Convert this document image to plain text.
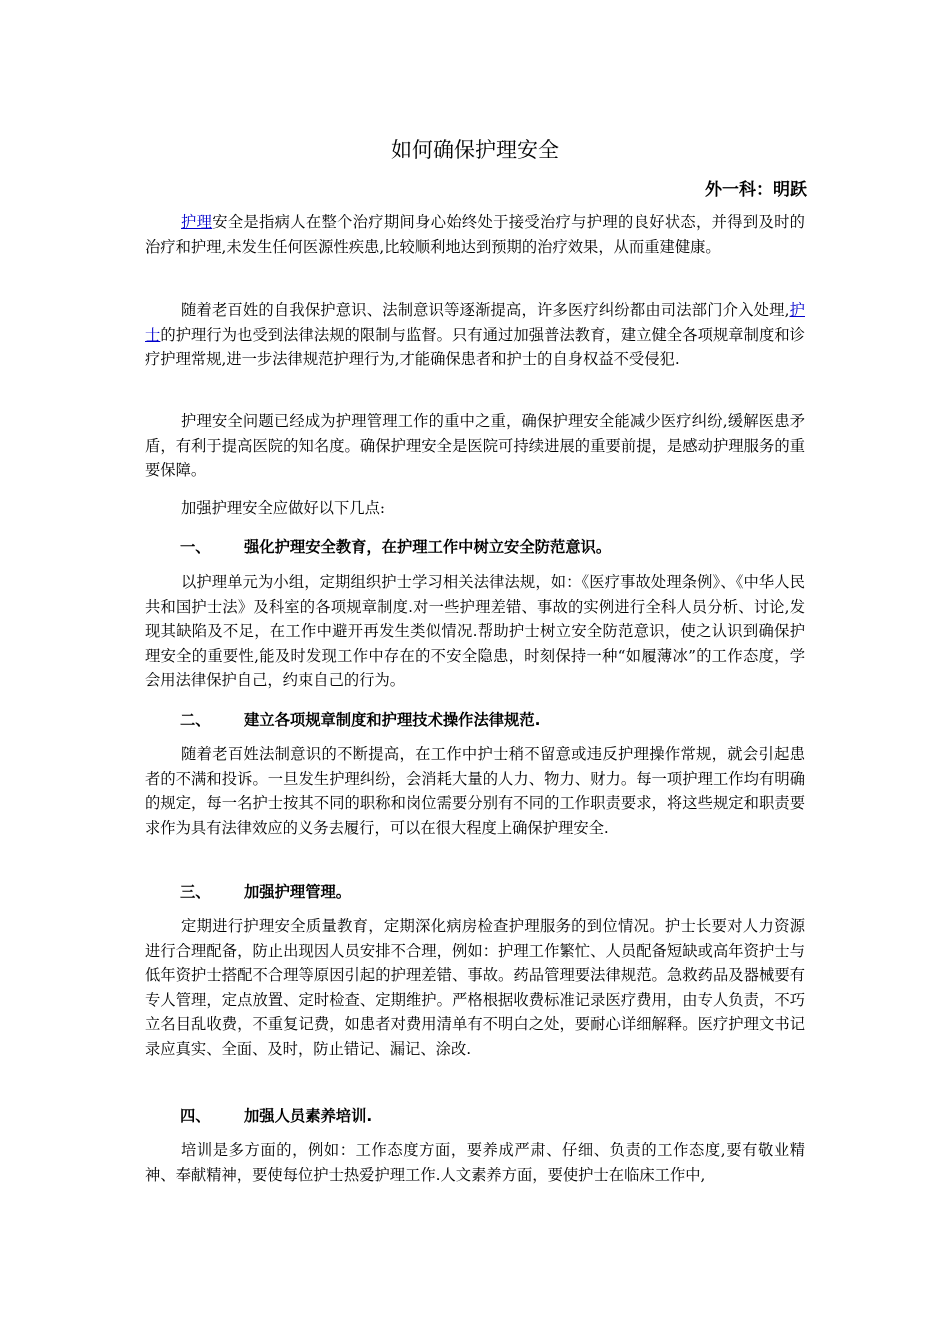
如何确保护理安全
外一科：明跃

护理安全是指病人在整个治疗期间身心始终处于接受治疗与护理的良好状态，并得到及时的治疗和护理,未发生任何医源性疾患,比较顺利地达到预期的治疗效果，从而重建健康。

随着老百姓的自我保护意识、法制意识等逐渐提高，许多医疗纠纷都由司法部门介入处理,护士的护理行为也受到法律法规的限制与监督。只有通过加强普法教育，建立健全各项规章制度和诊疗护理常规,进一步法律规范护理行为,才能确保患者和护士的自身权益不受侵犯.

护理安全问题已经成为护理管理工作的重中之重，确保护理安全能减少医疗纠纷,缓解医患矛盾，有利于提高医院的知名度。确保护理安全是医院可持续进展的重要前提，是感动护理服务的重要保障。

加强护理安全应做好以下几点:

一、 强化护理安全教育，在护理工作中树立安全防范意识。

以护理单元为小组，定期组织护士学习相关法律法规，如：《医疗事故处理条例》、《中华人民共和国护士法》及科室的各项规章制度.对一些护理差错、事故的实例进行全科人员分析、讨论,发现其缺陷及不足，在工作中避开再发生类似情况.帮助护士树立安全防范意识，使之认识到确保护理安全的重要性,能及时发现工作中存在的不安全隐患，时刻保持一种“如履薄冰”的工作态度，学会用法律保护自己，约束自己的行为。

二、 建立各项规章制度和护理技术操作法律规范.

随着老百姓法制意识的不断提高，在工作中护士稍不留意或违反护理操作常规，就会引起患者的不满和投诉。一旦发生护理纠纷，会消耗大量的人力、物力、财力。每一项护理工作均有明确的规定，每一名护士按其不同的职称和岗位需要分别有不同的工作职责要求，将这些规定和职责要求作为具有法律效应的义务去履行，可以在很大程度上确保护理安全.

三、 加强护理管理。

定期进行护理安全质量教育，定期深化病房检查护理服务的到位情况。护士长要对人力资源进行合理配备，防止出现因人员安排不合理，例如：护理工作繁忙、人员配备短缺或高年资护士与低年资护士搭配不合理等原因引起的护理差错、事故。药品管理要法律规范。急救药品及器械要有专人管理，定点放置、定时检查、定期维护。严格根据收费标准记录医疗费用，由专人负责，不巧立名目乱收费，不重复记费，如患者对费用清单有不明白之处，要耐心详细解释。医疗护理文书记录应真实、全面、及时，防止错记、漏记、涂改.

四、 加强人员素养培训.

培训是多方面的，例如：工作态度方面，要养成严肃、仔细、负责的工作态度,要有敬业精神、奉献精神，要使每位护士热爱护理工作.人文素养方面，要使护士在临床工作中,
